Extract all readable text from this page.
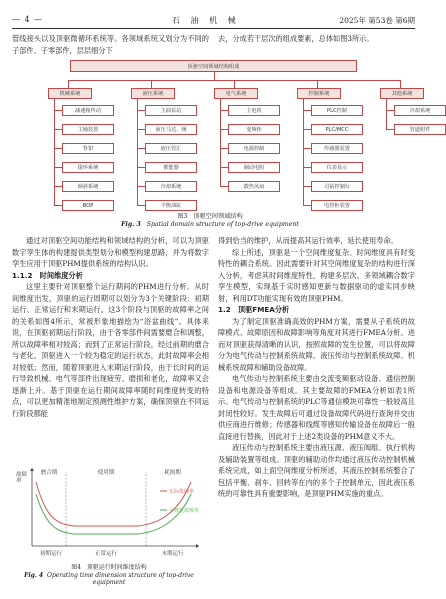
— 4 —	石 油 机 械	2025年 第53卷 第6期
管线接头以及顶驱微循环系统等。各领域系统又划分为不同的子部件、子零部件，层层细分下
去，分成若干层次的组成要素，总体如图3所示。
顶驱空间领域结构组成
机械系统
减速箱传动
主轴装置
背钳
提环系统
倾斜系统
BOP
液压系统
主油泵站
液压马达、阀
液压管汇
蓄能器
冷却系统
平衡油缸
电气系统
主电机
变频柜
电源控制
制动电阻
散热风扇
控制系统
PLC控制
PLC/MCC
传感器装置
仪表显示
司钻控制台
电控柜装置
其他系统
冷却系统
管道附件
图3 顶驱空间领域结构
Fig. 3 Spatial domain structure of top-drive equipment
通过对顶驱空间功能结构和领域结构的分析，可以为顶驱数字孪生体的构建提供类型划分和模型构建思路，并为将数字孪生应用于顶驱PHM提供系统的结构认识。
1.1.2　时间维度分析
这里主要针对顶驱整个运行期间的PHM进行分析。从时间维度出发，顶驱的运行周期可以划分为3个关键阶段：初期运行、正常运行和末期运行。这3个阶段与顶驱的故障率之间的关系如图4所示，常被形象地描绘为“浴盆曲线”。具体来说，在顶驱初期运行阶段，由于各零部件间需要磨合和调整，所以故障率相对较高；而到了正常运行阶段，经过前期的磨合与老化，顶驱进入一个较为稳定的运行状态，此时故障率会相对较低；然而，随着顶驱进入末期运行阶段，由于长时间的运行导致机械、电气等部件出现疲劳、磨损和老化，故障率又会逐渐上升。基于顶驱在运行期间故障率随时间维度转变的特点，可以更加精准地制定预测性维护方案，确保顶驱在不同运行阶段都能
故障
率
磨合期	使用期	耗损期
实际故障率
可修复故障率
初期运行	正常运行	末期运行
图4 顶驱运行时间维度结构
Fig. 4 Operating time dimension structure of top-drive equipment
得到恰当的维护，从而提高其运行效率，延长使用寿命。
综上所述，顶驱是一个空间维度复杂、时间维度具有时变特性的耦合系统。因此需要针对其空间维度复杂的结构进行深入分析，考虑其时间维度特性，构建多层次、多领域耦合数字孪生模型，实现基于实时感知更新与数据驱动的虚实同步映射，利用DT功能实现有效的顶驱PHM。
1.2　顶驱FMEA分析
为了制定顶驱准确高效的PHM方案，需要从子系统的故障模式、故障原因和故障影响等角度对其进行FMEA分析。进而对顶驱获得清晰的认识，按照故障的发生位置，可以将故障分为电气传动与控制系统故障、液压传动与控制系统故障、机械系统故障和辅助设备故障。
电气传动与控制系统主要由交流变频驱动设备、通信控制设备和电源设备等组成。其主要故障的FMEA分析如表1所示。电气传动与控制系统的PLC等通信模块可靠性一般较高且封闭性较好。发生故障后可通过设备故障代码进行查询并交由供应商进行维修；传感器和线缆等感知传输设备在故障后一般直接进行替换，因此对于上述2类设备的PHM意义不大。
液压传动与控制系统主要由液压源、液压阀组、执行机构及辅助装置等组成。顶驱的辅助动作均通过液压传动控制机械系统完成，如上面空间维度分析所述，其液压控制系统整合了包括平衡、刹车、回转等在内的多个子控制单元，因此液压系统的可靠性具有重要影响，是顶驱PHM实施的重点。
